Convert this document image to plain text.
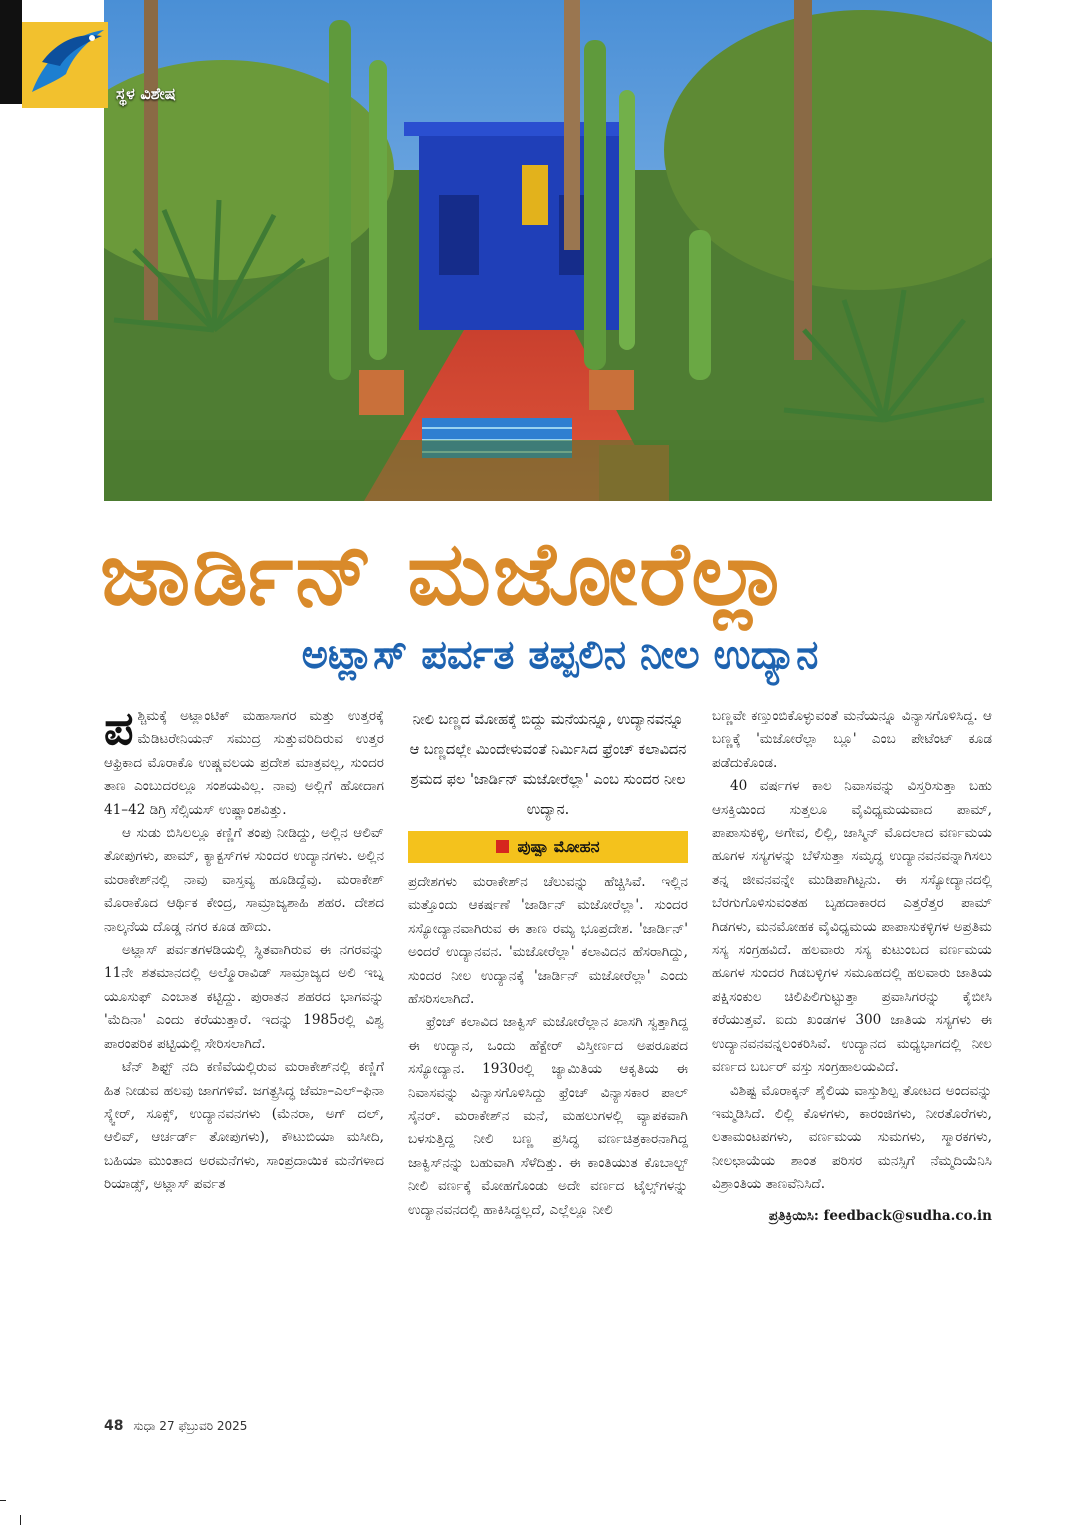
ಸ್ಥಳ ವಿಶೇಷ
ಜಾರ್ಡಿನ್ ಮಜೋರೆಲ್ಲಾ
ಅಟ್ಲಾಸ್ ಪರ್ವತ ತಪ್ಪಲಿನ ನೀಲ ಉದ್ಯಾನ

ಪಶ್ಚಿಮಕ್ಕೆ ಅಟ್ಲಾಂಟಿಕ್ ಮಹಾಸಾಗರ ಮತ್ತು ಉತ್ತರಕ್ಕೆ ಮೆಡಿಟರೇನಿಯನ್ ಸಮುದ್ರ ಸುತ್ತುವರಿದಿರುವ ಉತ್ತರ ಆಫ್ರಿಕಾದ ಮೊರಾಕೊ ಉಷ್ಣವಲಯ ಪ್ರದೇಶ ಮಾತ್ರವಲ್ಲ, ಸುಂದರ ತಾಣ ಎಂಬುದರಲ್ಲೂ ಸಂಶಯವಿಲ್ಲ. ನಾವು ಅಲ್ಲಿಗೆ ಹೋದಾಗ 41–42 ಡಿಗ್ರಿ ಸೆಲ್ಸಿಯಸ್ ಉಷ್ಣಾಂಶವಿತ್ತು.

ಆ ಸುಡು ಬಿಸಿಲಲ್ಲೂ ಕಣ್ಣಿಗೆ ತಂಪು ನೀಡಿದ್ದು, ಅಲ್ಲಿನ ಆಲಿವ್ ತೋಪುಗಳು, ಪಾಮ್, ಕ್ಯಾಕ್ಟಸ್‌ಗಳ ಸುಂದರ ಉದ್ಯಾನಗಳು. ಅಲ್ಲಿನ ಮರಾಕೇಶ್‌ನಲ್ಲಿ ನಾವು ವಾಸ್ತವ್ಯ ಹೂಡಿದ್ದೆವು. ಮರಾಕೇಶ್ ಮೊರಾಕೊದ ಆರ್ಥಿಕ ಕೇಂದ್ರ, ಸಾಮ್ರಾಜ್ಯಶಾಹಿ ಶಹರ. ದೇಶದ ನಾಲ್ಕನೆಯ ದೊಡ್ಡ ನಗರ ಕೂಡ ಹೌದು.

ಅಟ್ಲಾಸ್ ಪರ್ವತಗಳಡಿಯಲ್ಲಿ ಸ್ಥಿತವಾಗಿರುವ ಈ ನಗರವನ್ನು 11ನೇ ಶತಮಾನದಲ್ಲಿ ಅಲ್ಮೊರಾವಿಡ್ ಸಾಮ್ರಾಜ್ಯದ ಅಲಿ ಇಬ್ನ ಯೂಸುಫ್ ಎಂಬಾತ ಕಟ್ಟಿದ್ದು. ಪುರಾತನ ಶಹರದ ಭಾಗವನ್ನು 'ಮೆದಿನಾ' ಎಂದು ಕರೆಯುತ್ತಾರೆ. ಇದನ್ನು 1985ರಲ್ಲಿ ವಿಶ್ವ ಪಾರಂಪರಿಕ ಪಟ್ಟಿಯಲ್ಲಿ ಸೇರಿಸಲಾಗಿದೆ.

ಟೆನ್ ಶಿಫ್ಟ್ ನದಿ ಕಣಿವೆಯಲ್ಲಿರುವ ಮರಾಕೇಶ್‌ನಲ್ಲಿ ಕಣ್ಣಿಗೆ ಹಿತ ನೀಡುವ ಹಲವು ಜಾಗಗಳಿವೆ. ಜಗತ್ಪ್ರಸಿದ್ಧ ಜೆಮಾ–ಎಲ್–ಫಿನಾ ಸ್ಕ್ವೇರ್, ಸೂಕ್ಸ್, ಉದ್ಯಾನವನಗಳು (ಮೆನರಾ, ಅಗ್ ದಲ್, ಆಲಿವ್, ಆರ್ಚರ್ಡ್ ತೋಪುಗಳು), ಕೌಟುಬಿಯಾ ಮಸೀದಿ, ಬಹಿಯಾ ಮುಂತಾದ ಅರಮನೆಗಳು, ಸಾಂಪ್ರದಾಯಿಕ ಮನೆಗಳಾದ ರಿಯಾಡ್ಸ್, ಅಟ್ಲಾಸ್ ಪರ್ವತ

ನೀಲಿ ಬಣ್ಣದ ಮೋಹಕ್ಕೆ ಬಿದ್ದು ಮನೆಯನ್ನೂ, ಉದ್ಯಾನವನ್ನೂ ಆ ಬಣ್ಣದಲ್ಲೇ ಮಿಂದೇಳುವಂತೆ ನಿರ್ಮಿಸಿದ ಫ್ರೆಂಚ್ ಕಲಾವಿದನ ಶ್ರಮದ ಫಲ 'ಜಾರ್ಡಿನ್ ಮಜೋರೆಲ್ಲಾ' ಎಂಬ ಸುಂದರ ನೀಲ ಉದ್ಯಾನ.
ಪುಷ್ಪಾ ಮೋಹನ

ಪ್ರದೇಶಗಳು ಮರಾಕೇಶ್‌ನ ಚೆಲುವನ್ನು ಹೆಚ್ಚಿಸಿವೆ. ಇಲ್ಲಿನ ಮತ್ತೊಂದು ಆಕರ್ಷಣೆ 'ಜಾರ್ಡಿನ್ ಮಜೋರೆಲ್ಲಾ'. ಸುಂದರ ಸಸ್ಯೋದ್ಯಾನವಾಗಿರುವ ಈ ತಾಣ ರಮ್ಯ ಭೂಪ್ರದೇಶ. 'ಜಾರ್ಡಿನ್' ಅಂದರೆ ಉದ್ಯಾನವನ. 'ಮಜೋರೆಲ್ಲಾ' ಕಲಾವಿದನ ಹೆಸರಾಗಿದ್ದು, ಸುಂದರ ನೀಲ ಉದ್ಯಾನಕ್ಕೆ 'ಜಾರ್ಡಿನ್ ಮಜೋರೆಲ್ಲಾ' ಎಂದು ಹೆಸರಿಸಲಾಗಿದೆ.

ಫ್ರೆಂಚ್ ಕಲಾವಿದ ಜಾಕ್ವಿಸ್ ಮಜೋರೆಲ್ಲಾನ ಖಾಸಗಿ ಸ್ವತ್ತಾಗಿದ್ದ ಈ ಉದ್ಯಾನ, ಒಂದು ಹೆಕ್ಟೇರ್ ವಿಸ್ತೀರ್ಣದ ಅಪರೂಪದ ಸಸ್ಯೋದ್ಯಾನ. 1930ರಲ್ಲಿ ಜ್ಯಾಮಿತಿಯ ಆಕೃತಿಯ ಈ ನಿವಾಸವನ್ನು ವಿನ್ಯಾಸಗೊಳಿಸಿದ್ದು ಫ್ರೆಂಚ್ ವಿನ್ಯಾಸಕಾರ ಪಾಲ್ ಸೈನರ್. ಮರಾಕೇಶ್‌ನ ಮನೆ, ಮಹಲುಗಳಲ್ಲಿ ವ್ಯಾಪಕವಾಗಿ ಬಳಸುತ್ತಿದ್ದ ನೀಲಿ ಬಣ್ಣ ಪ್ರಸಿದ್ಧ ವರ್ಣಚಿತ್ರಕಾರನಾಗಿದ್ದ ಜಾಕ್ವಿಸ್‌ನನ್ನು ಬಹುವಾಗಿ ಸೆಳೆದಿತ್ತು. ಈ ಕಾಂತಿಯುತ ಕೊಬಾಲ್ಟ್ ನೀಲಿ ವರ್ಣಕ್ಕೆ ಮೋಹಗೊಂಡು ಅದೇ ವರ್ಣದ ಟೈಲ್ಸ್‌ಗಳನ್ನು ಉದ್ಯಾನವನದಲ್ಲಿ ಹಾಕಿಸಿದ್ದಲ್ಲದೆ, ಎಲ್ಲೆಲ್ಲೂ ನೀಲಿ

ಬಣ್ಣವೇ ಕಣ್ತುಂಬಿಕೊಳ್ಳುವಂತೆ ಮನೆಯನ್ನೂ ವಿನ್ಯಾಸಗೊಳಿಸಿದ್ದ. ಆ ಬಣ್ಣಕ್ಕೆ 'ಮಜೋರೆಲ್ಲಾ ಬ್ಲೂ' ಎಂಬ ಪೇಟೆಂಟ್ ಕೂಡ ಪಡೆದುಕೊಂಡ.

40 ವರ್ಷಗಳ ಕಾಲ ನಿವಾಸವನ್ನು ವಿಸ್ತರಿಸುತ್ತಾ ಬಹು ಆಸಕ್ತಿಯಿಂದ ಸುತ್ತಲೂ ವೈವಿಧ್ಯಮಯವಾದ ಪಾಮ್, ಪಾಪಾಸುಕಳ್ಳಿ, ಅಗೇವ, ಲಿಲ್ಲಿ, ಜಾಸ್ಮಿನ್ ಮೊದಲಾದ ವರ್ಣಮಯ ಹೂಗಳ ಸಸ್ಯಗಳನ್ನು ಬೆಳೆಸುತ್ತಾ ಸಮೃದ್ಧ ಉದ್ಯಾನವನವನ್ನಾಗಿಸಲು ತನ್ನ ಜೀವನವನ್ನೇ ಮುಡಿಪಾಗಿಟ್ಟನು. ಈ ಸಸ್ಯೋದ್ಯಾನದಲ್ಲಿ ಬೆರಗುಗೊಳಿಸುವಂತಹ ಬೃಹದಾಕಾರದ ಎತ್ತರೆತ್ತರ ಪಾಮ್ ಗಿಡಗಳು, ಮನಮೋಹಕ ವೈವಿಧ್ಯಮಯ ಪಾಪಾಸುಕಳ್ಳಿಗಳ ಅಪ್ರತಿಮ ಸಸ್ಯ ಸಂಗ್ರಹವಿದೆ. ಹಲವಾರು ಸಸ್ಯ ಕುಟುಂಬದ ವರ್ಣಮಯ ಹೂಗಳ ಸುಂದರ ಗಿಡಬಳ್ಳಿಗಳ ಸಮೂಹದಲ್ಲಿ ಹಲವಾರು ಜಾತಿಯ ಪಕ್ಷಿಸಂಕುಲ ಚಿಲಿಪಿಲಿಗುಟ್ಟುತ್ತಾ ಪ್ರವಾಸಿಗರನ್ನು ಕೈಬೀಸಿ ಕರೆಯುತ್ತವೆ. ಐದು ಖಂಡಗಳ 300 ಜಾತಿಯ ಸಸ್ಯಗಳು ಈ ಉದ್ಯಾನವನವನ್ನಲಂಕರಿಸಿವೆ. ಉದ್ಯಾನದ ಮಧ್ಯಭಾಗದಲ್ಲಿ ನೀಲ ವರ್ಣದ ಬರ್ಬರ್ ವಸ್ತು ಸಂಗ್ರಹಾಲಯವಿದೆ.

ವಿಶಿಷ್ಟ ಮೊರಾಕ್ಕನ್ ಶೈಲಿಯ ವಾಸ್ತುಶಿಲ್ಪ ತೋಟದ ಅಂದವನ್ನು ಇಮ್ಮಡಿಸಿದೆ. ಲಿಲ್ಲಿ ಕೊಳಗಳು, ಕಾರಂಜಿಗಳು, ನೀರತೊರೆಗಳು, ಲತಾಮಂಟಪಗಳು, ವರ್ಣಮಯ ಸುಮಗಳು, ಸ್ಮಾರಕಗಳು, ನೀಲಛಾಯೆಯ ಶಾಂತ ಪರಿಸರ ಮನಸ್ಸಿಗೆ ನೆಮ್ಮದಿಯೆನಿಸಿ ವಿಶ್ರಾಂತಿಯ ತಾಣವೆನಿಸಿದೆ.

ಪ್ರತಿಕ್ರಿಯಿಸಿ: feedback@sudha.co.in
48 ಸುಧಾ 27 ಫೆಬ್ರುವರಿ 2025
